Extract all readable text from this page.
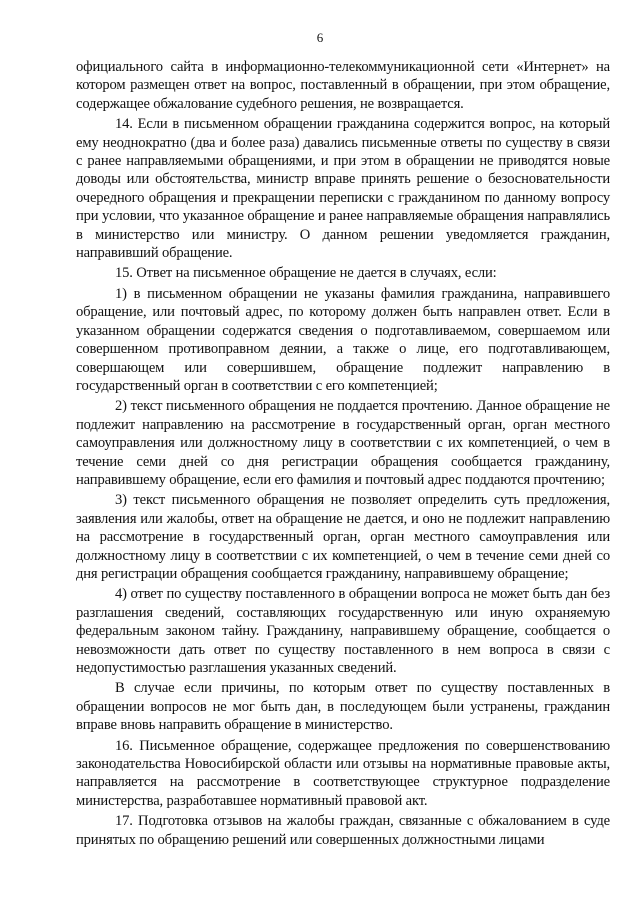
6

официального сайта в информационно-телекоммуникационной сети «Интернет» на котором размещен ответ на вопрос, поставленный в обращении, при этом обращение, содержащее обжалование судебного решения, не возвращается.

14. Если в письменном обращении гражданина содержится вопрос, на который ему неоднократно (два и более раза) давались письменные ответы по существу в связи с ранее направляемыми обращениями, и при этом в обращении не приводятся новые доводы или обстоятельства, министр вправе принять решение о безосновательности очередного обращения и прекращении переписки с гражданином по данному вопросу при условии, что указанное обращение и ранее направляемые обращения направлялись в министерство или министру. О данном решении уведомляется гражданин, направивший обращение.

15. Ответ на письменное обращение не дается в случаях, если:

1) в письменном обращении не указаны фамилия гражданина, направившего обращение, или почтовый адрес, по которому должен быть направлен ответ. Если в указанном обращении содержатся сведения о подготавливаемом, совершаемом или совершенном противоправном деянии, а также о лице, его подготавливающем, совершающем или совершившем, обращение подлежит направлению в государственный орган в соответствии с его компетенцией;

2) текст письменного обращения не поддается прочтению. Данное обращение не подлежит направлению на рассмотрение в государственный орган, орган местного самоуправления или должностному лицу в соответствии с их компетенцией, о чем в течение семи дней со дня регистрации обращения сообщается гражданину, направившему обращение, если его фамилия и почтовый адрес поддаются прочтению;

3) текст письменного обращения не позволяет определить суть предложения, заявления или жалобы, ответ на обращение не дается, и оно не подлежит направлению на рассмотрение в государственный орган, орган местного самоуправления или должностному лицу в соответствии с их компетенцией, о чем в течение семи дней со дня регистрации обращения сообщается гражданину, направившему обращение;

4) ответ по существу поставленного в обращении вопроса не может быть дан без разглашения сведений, составляющих государственную или иную охраняемую федеральным законом тайну. Гражданину, направившему обращение, сообщается о невозможности дать ответ по существу поставленного в нем вопроса в связи с недопустимостью разглашения указанных сведений.

В случае если причины, по которым ответ по существу поставленных в обращении вопросов не мог быть дан, в последующем были устранены, гражданин вправе вновь направить обращение в министерство.

16. Письменное обращение, содержащее предложения по совершенствованию законодательства Новосибирской области или отзывы на нормативные правовые акты, направляется на рассмотрение в соответствующее структурное подразделение министерства, разработавшее нормативный правовой акт.

17. Подготовка отзывов на жалобы граждан, связанные с обжалованием в суде принятых по обращению решений или совершенных должностными лицами
